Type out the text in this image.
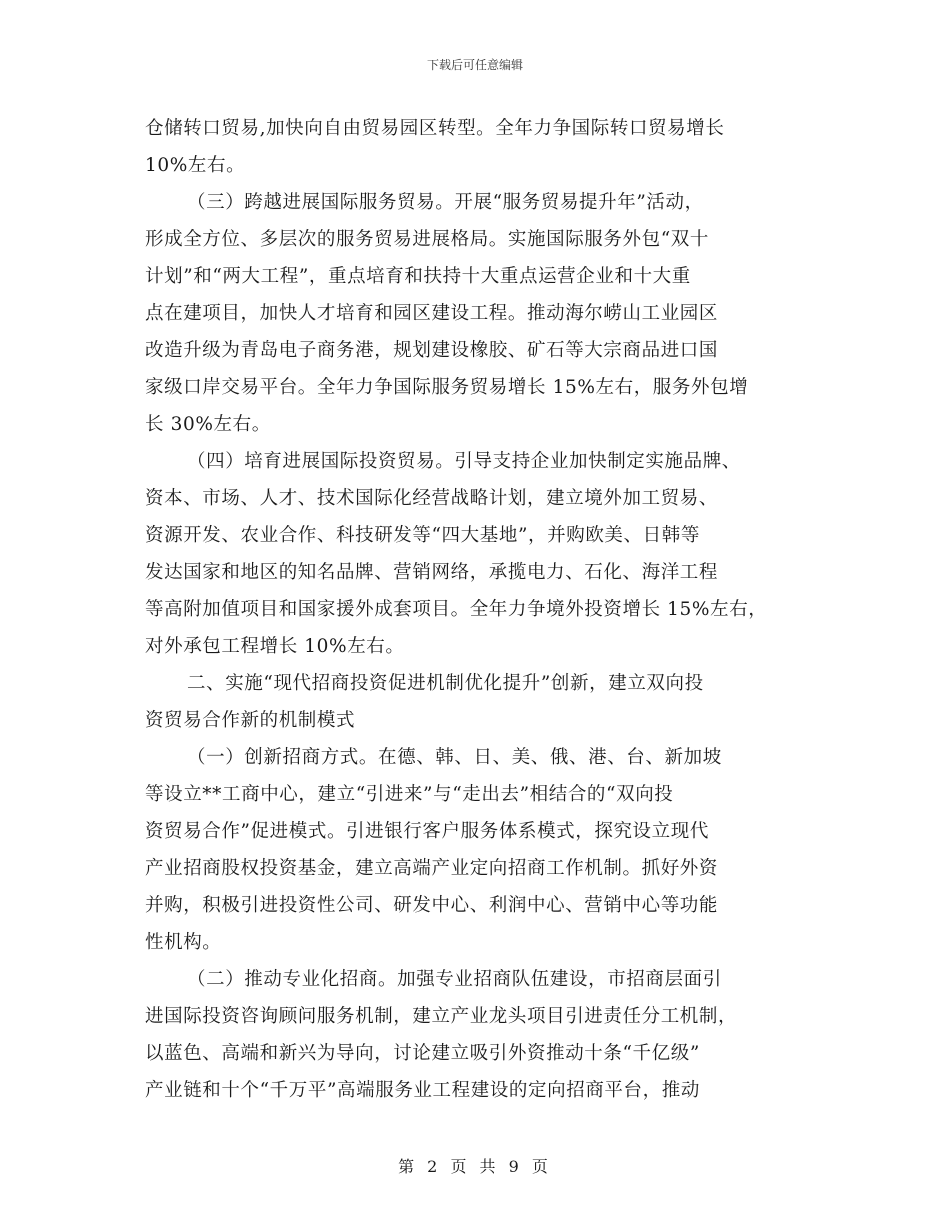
下载后可任意编辑
仓储转口贸易,加快向自由贸易园区转型。全年力争国际转口贸易增长
10%左右。
（三）跨越进展国际服务贸易。开展“服务贸易提升年”活动，
形成全方位、多层次的服务贸易进展格局。实施国际服务外包“双十
计划”和“两大工程”，重点培育和扶持十大重点运营企业和十大重
点在建项目，加快人才培育和园区建设工程。推动海尔崂山工业园区
改造升级为青岛电子商务港，规划建设橡胶、矿石等大宗商品进口国
家级口岸交易平台。全年力争国际服务贸易增长 15%左右，服务外包增
长 30%左右。
（四）培育进展国际投资贸易。引导支持企业加快制定实施品牌、
资本、市场、人才、技术国际化经营战略计划，建立境外加工贸易、
资源开发、农业合作、科技研发等“四大基地”，并购欧美、日韩等
发达国家和地区的知名品牌、营销网络，承揽电力、石化、海洋工程
等高附加值项目和国家援外成套项目。全年力争境外投资增长 15%左右，
对外承包工程增长 10%左右。
二、实施“现代招商投资促进机制优化提升”创新，建立双向投
资贸易合作新的机制模式
（一）创新招商方式。在德、韩、日、美、俄、港、台、新加坡
等设立**工商中心，建立“引进来”与“走出去”相结合的“双向投
资贸易合作”促进模式。引进银行客户服务体系模式，探究设立现代
产业招商股权投资基金，建立高端产业定向招商工作机制。抓好外资
并购，积极引进投资性公司、研发中心、利润中心、营销中心等功能
性机构。
（二）推动专业化招商。加强专业招商队伍建设，市招商层面引
进国际投资咨询顾问服务机制，建立产业龙头项目引进责任分工机制，
以蓝色、高端和新兴为导向，讨论建立吸引外资推动十条“千亿级”
产业链和十个“千万平”高端服务业工程建设的定向招商平台，推动
第 2 页 共 9 页
